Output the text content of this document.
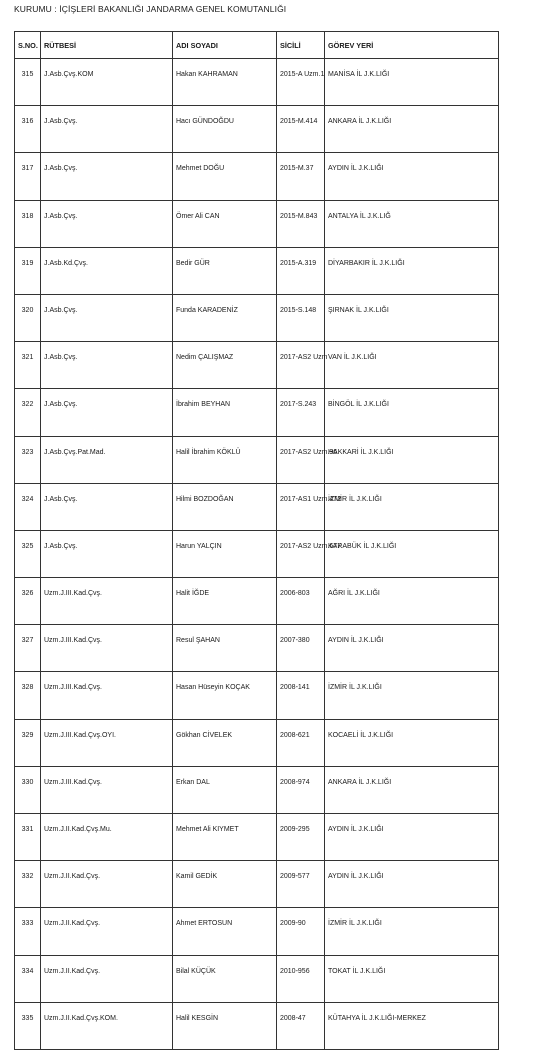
KURUMU : İÇİŞLERİ BAKANLIĞI JANDARMA GENEL KOMUTANLIĞI
S.NO.	RÜTBESİ	ADI SOYADI	SİCİLİ	GÖREV YERİ
315	J.Asb.Çvş.KOM	Hakan KAHRAMAN	2015-A Uzm.1	MANİSA İL J.K.LIĞI
316	J.Asb.Çvş.	Hacı GÜNDOĞDU	2015-M.414	ANKARA İL J.K.LIĞI
317	J.Asb.Çvş.	Mehmet DOĞU	2015-M.37	AYDIN İL J.K.LIĞI
318	J.Asb.Çvş.	Ömer Ali CAN	2015-M.843	ANTALYA İL J.K.LIĞ
319	J.Asb.Kd.Çvş.	Bedir GÜR	2015-A.319	DİYARBAKIR İL J.K.LIĞI
320	J.Asb.Çvş.	Funda KARADENİZ	2015-S.148	ŞIRNAK İL J.K.LIĞI
321	J.Asb.Çvş.	Nedim ÇALIŞMAZ	2017-AS2 Uzm	VAN İL J.K.LIĞI
322	J.Asb.Çvş.	İbrahim BEYHAN	2017-S.243	BİNGÖL İL J.K.LIĞI
323	J.Asb.Çvş.Pat.Mad.	Halil İbrahim KÖKLÜ	2017-AS2 Uzm.96	HAKKARİ İL J.K.LIĞI
324	J.Asb.Çvş.	Hilmi BOZDOĞAN	2017-AS1 Uzm.472	İZMİR İL J.K.LIĞI
325	J.Asb.Çvş.	Harun YALÇIN	2017-AS2 Uzm.677	KARABÜK İL J.K.LIĞI
326	Uzm.J.III.Kad.Çvş.	Halit İĞDE	2006-803	AĞRI İL J.K.LIĞI
327	Uzm.J.III.Kad.Çvş.	Resul ŞAHAN	2007-380	AYDIN İL J.K.LIĞI
328	Uzm.J.III.Kad.Çvş.	Hasan Hüseyin KOÇAK	2008-141	İZMİR İL J.K.LIĞI
329	Uzm.J.III.Kad.Çvş.OYI.	Gökhan CİVELEK	2008-621	KOCAELİ İL J.K.LIĞI
330	Uzm.J.III.Kad.Çvş.	Erkan DAL	2008-974	ANKARA İL J.K.LIĞI
331	Uzm.J.II.Kad.Çvş.Mu.	Mehmet Ali KIYMET	2009-295	AYDIN İL J.K.LIĞI
332	Uzm.J.II.Kad.Çvş.	Kamil GEDİK	2009-577	AYDIN İL J.K.LIĞI
333	Uzm.J.II.Kad.Çvş.	Ahmet ERTOSUN	2009-90	İZMİR İL J.K.LIĞI
334	Uzm.J.II.Kad.Çvş.	Bilal KÜÇÜK	2010-956	TOKAT İL J.K.LIĞI
335	Uzm.J.II.Kad.Çvş.KOM.	Halil KESGİN	2008-47	KÜTAHYA İL J.K.LIĞI-MERKEZ
